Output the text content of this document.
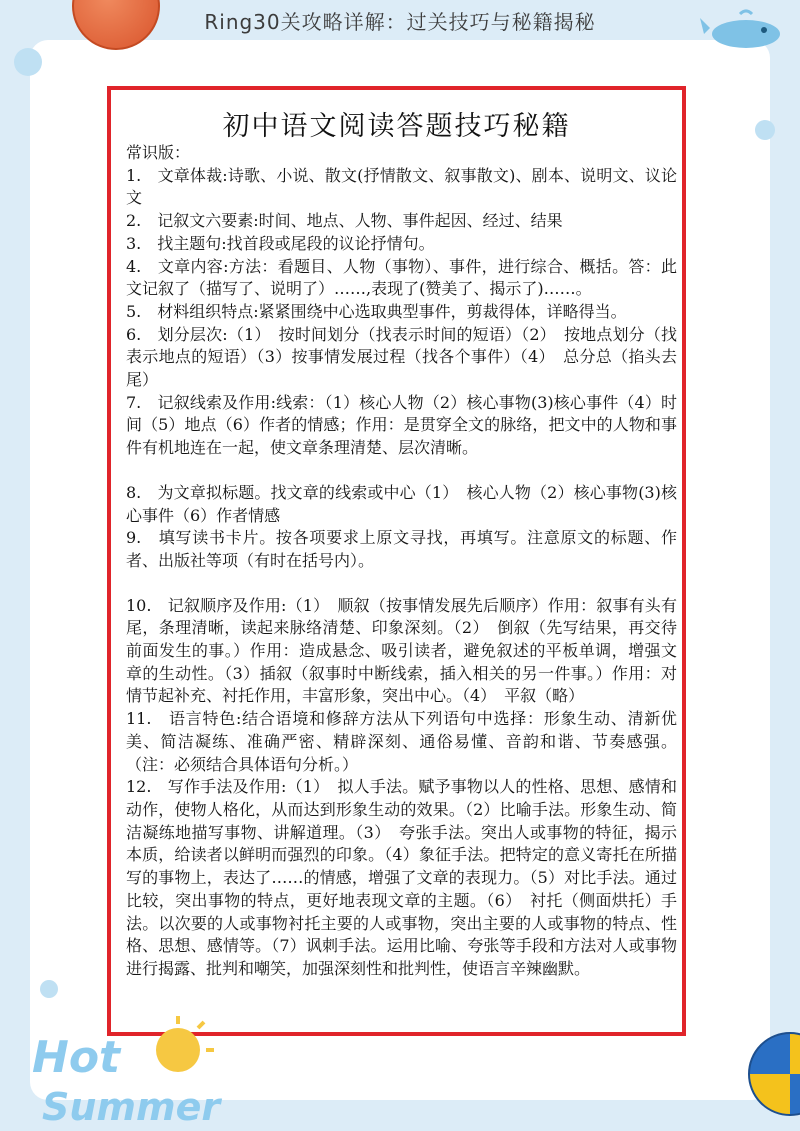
Ring30关攻略详解：过关技巧与秘籍揭秘
初中语文阅读答题技巧秘籍

常识版：

1.　文章体裁:诗歌、小说、散文(抒情散文、叙事散文)、剧本、说明文、议论文

2.　记叙文六要素:时间、地点、人物、事件起因、经过、结果

3.　找主题句:找首段或尾段的议论抒情句。

4.　文章内容:方法：看题目、人物（事物）、事件，进行综合、概括。答：此文记叙了（描写了、说明了）……,表现了(赞美了、揭示了)……。

5.　材料组织特点:紧紧围绕中心选取典型事件，剪裁得体，详略得当。

6.　划分层次:（1）　按时间划分（找表示时间的短语）（2）　按地点划分（找表示地点的短语）（3）按事情发展过程（找各个事件）（4）　总分总（掐头去尾）

7.　记叙线索及作用:线索：（1）核心人物（2）核心事物(3)核心事件（4）时间（5）地点（6）作者的情感；作用：是贯穿全文的脉络，把文中的人物和事件有机地连在一起，使文章条理清楚、层次清晰。

8.　为文章拟标题。找文章的线索或中心（1）　核心人物（2）核心事物(3)核心事件（6）作者情感

9.　填写读书卡片。按各项要求上原文寻找，再填写。注意原文的标题、作者、出版社等项（有时在括号内）。

10.　记叙顺序及作用:（1）　顺叙（按事情发展先后顺序）作用：叙事有头有尾，条理清晰，读起来脉络清楚、印象深刻。（2）　倒叙（先写结果，再交待前面发生的事。）作用：造成悬念、吸引读者，避免叙述的平板单调，增强文章的生动性。（3）插叙（叙事时中断线索，插入相关的另一件事。）作用：对情节起补充、衬托作用，丰富形象，突出中心。（4）　平叙（略）

11.　语言特色:结合语境和修辞方法从下列语句中选择：形象生动、清新优美、简洁凝练、准确严密、精辟深刻、通俗易懂、音韵和谐、节奏感强。（注：必须结合具体语句分析。）

12.　写作手法及作用:（1）　拟人手法。赋予事物以人的性格、思想、感情和动作，使物人格化，从而达到形象生动的效果。（2）比喻手法。形象生动、简洁凝练地描写事物、讲解道理。（3）　夸张手法。突出人或事物的特征，揭示本质，给读者以鲜明而强烈的印象。（4）象征手法。把特定的意义寄托在所描写的事物上，表达了……的情感，增强了文章的表现力。（5）对比手法。通过比较，突出事物的特点，更好地表现文章的主题。（6）　衬托（侧面烘托）手法。以次要的人或事物衬托主要的人或事物，突出主要的人或事物的特点、性格、思想、感情等。（7）讽刺手法。运用比喻、夸张等手段和方法对人或事物进行揭露、批判和嘲笑，加强深刻性和批判性，使语言辛辣幽默。

Hot
Summer
